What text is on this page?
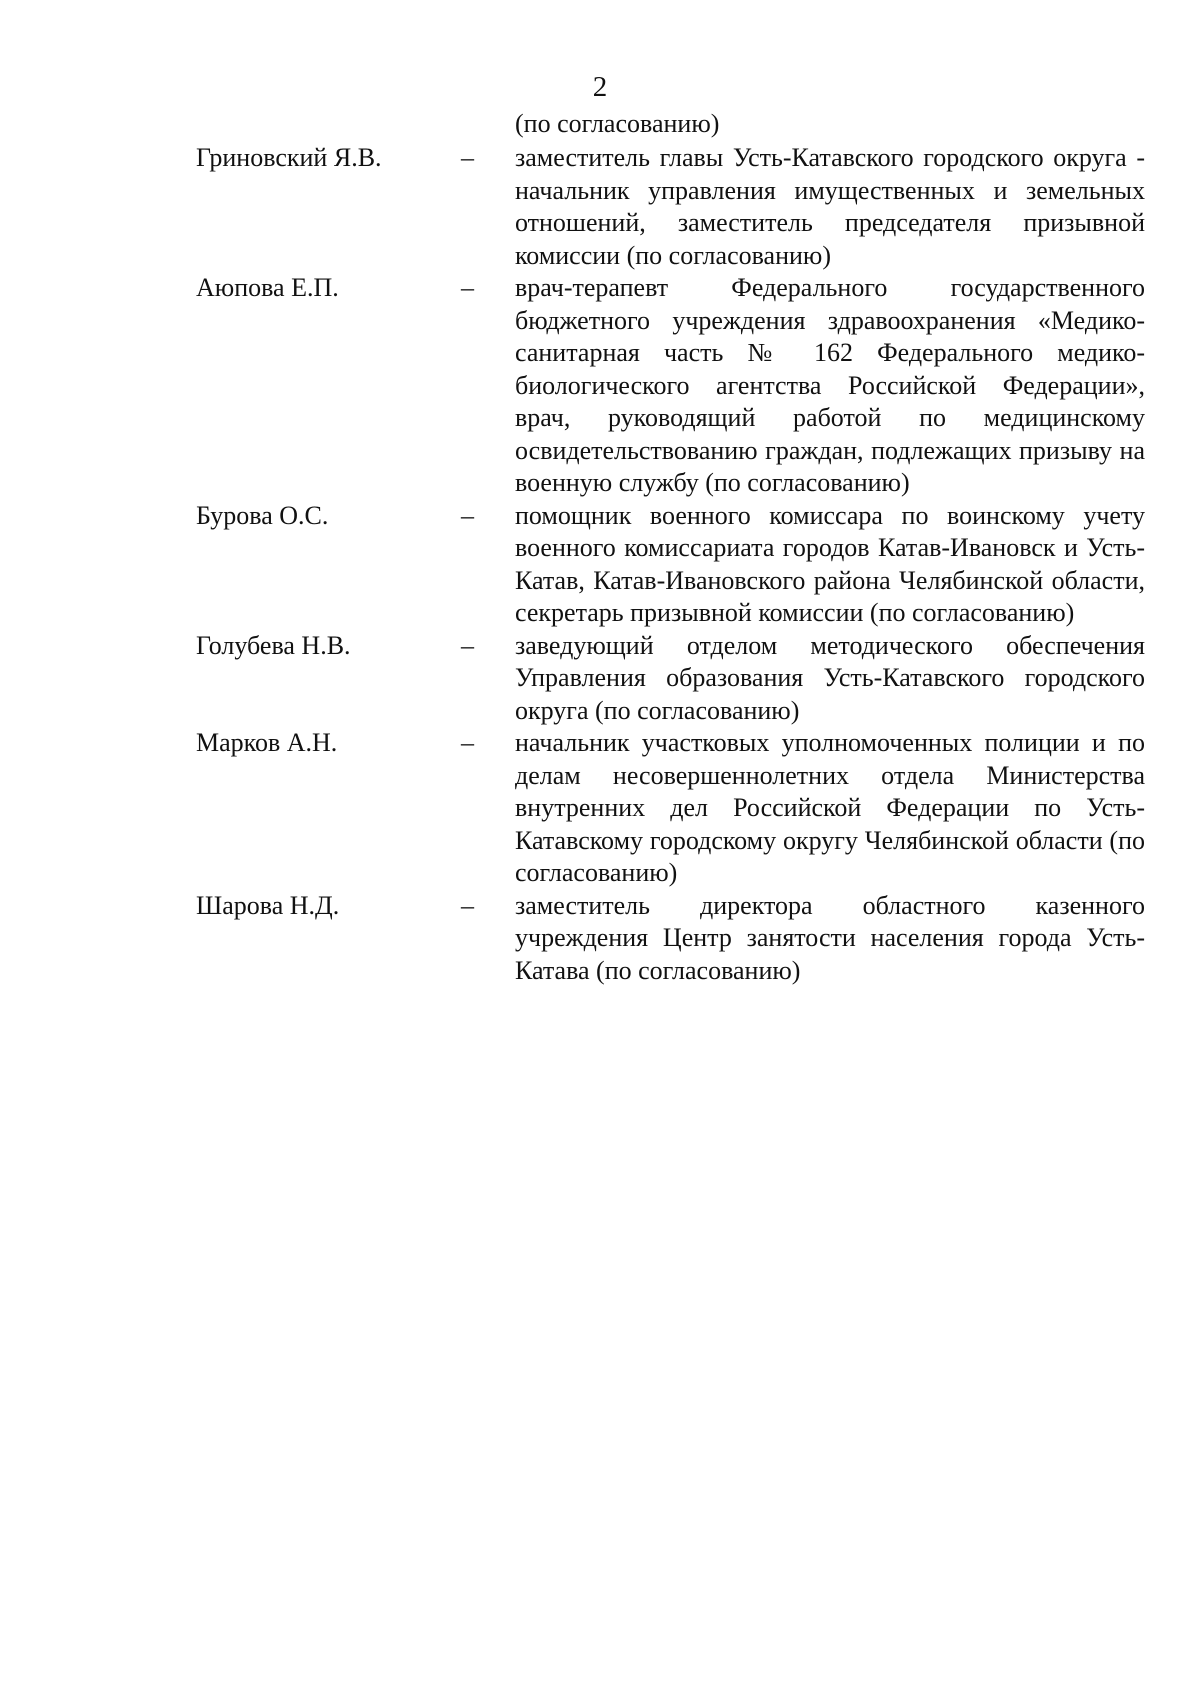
2
(по согласованию)
Гриновский Я.В.	–	заместитель главы Усть-Катавского городского округа - начальник управления имущественных и земельных отношений, заместитель председателя призывной комиссии (по согласованию)
Аюпова Е.П.	–	врач-терапевт Федерального государственного бюджетного учреждения здравоохранения «Медико-санитарная часть № 162 Федерального медико-биологического агентства Российской Федерации», врач, руководящий работой по медицинскому освидетельствованию граждан, подлежащих призыву на военную службу (по согласованию)
Бурова О.С.	–	помощник военного комиссара по воинскому учету военного комиссариата городов Катав-Ивановск и Усть-Катав, Катав-Ивановского района Челябинской области, секретарь призывной комиссии (по согласованию)
Голубева Н.В.	–	заведующий отделом методического обеспечения Управления образования Усть-Катавского городского округа (по согласованию)
Марков А.Н.	–	начальник участковых уполномоченных полиции и по делам несовершеннолетних отдела Министерства внутренних дел Российской Федерации по Усть-Катавскому городскому округу Челябинской области (по согласованию)
Шарова Н.Д.	–	заместитель директора областного казенного учреждения Центр занятости населения города Усть-Катава (по согласованию)
